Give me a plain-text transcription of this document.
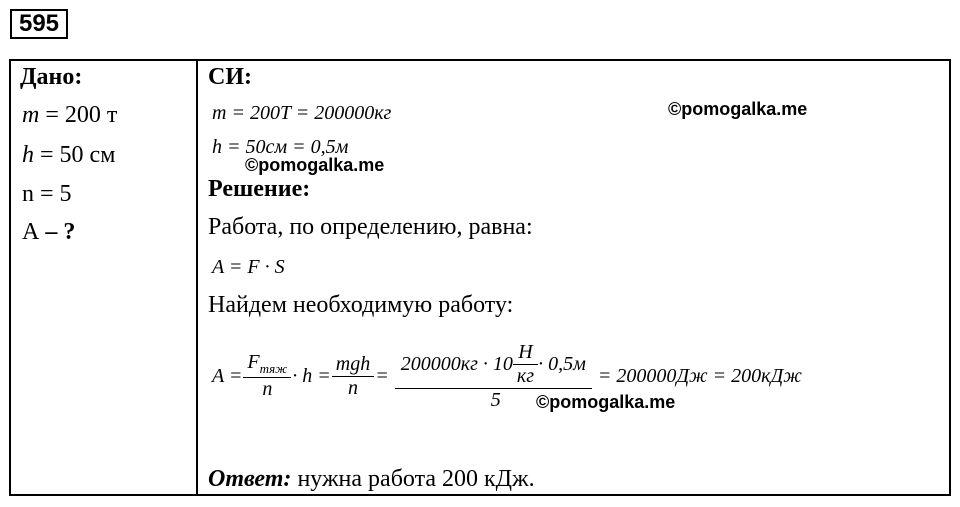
595
Дано:
m = 200 т
h = 50 см
n = 5
A – ?
СИ:
m = 200T = 200000кг	©pomogalka.me
h = 50см = 0,5м
©pomogalka.me
Решение:
Работа, по определению, равна:
A = F · S
Найдем необходимую работу:
$A = \frac{F_{тяж}}{n} \cdot h = \frac{\text{mgh}}{n}$ =
$200000кг \cdot 10 \frac{Н}{кг} \cdot 0,5м$
5
= 200000Дж = 200кДж
©pomogalka.me
Ответ: нужна работа 200 кДж.
